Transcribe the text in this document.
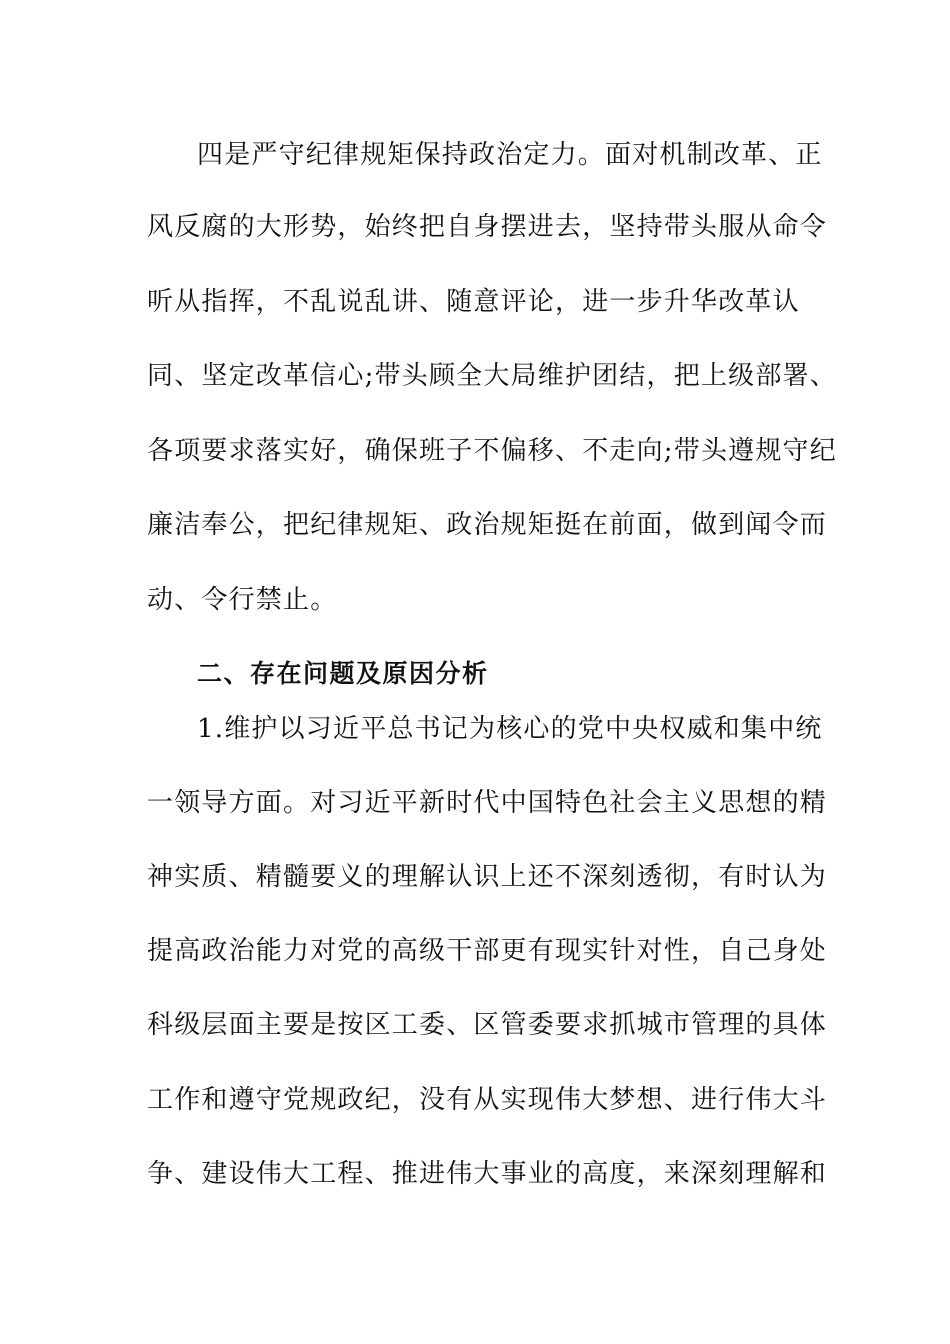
四是严守纪律规矩保持政治定力。面对机制改革、正
风反腐的大形势，始终把自身摆进去，坚持带头服从命令
听从指挥，不乱说乱讲、随意评论，进一步升华改革认
同、坚定改革信心;带头顾全大局维护团结，把上级部署、
各项要求落实好，确保班子不偏移、不走向;带头遵规守纪
廉洁奉公，把纪律规矩、政治规矩挺在前面，做到闻令而
动、令行禁止。
二、存在问题及原因分析
1.维护以习近平总书记为核心的党中央权威和集中统
一领导方面。对习近平新时代中国特色社会主义思想的精
神实质、精髓要义的理解认识上还不深刻透彻，有时认为
提高政治能力对党的高级干部更有现实针对性，自己身处
科级层面主要是按区工委、区管委要求抓城市管理的具体
工作和遵守党规政纪，没有从实现伟大梦想、进行伟大斗
争、建设伟大工程、推进伟大事业的高度，来深刻理解和
